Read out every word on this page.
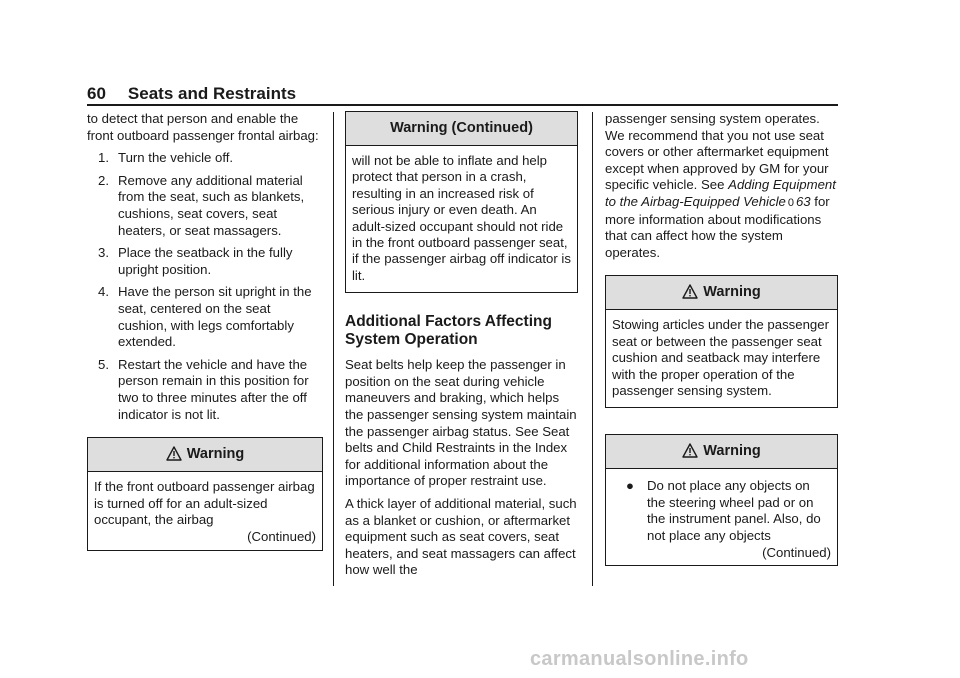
60 Seats and Restraints

to detect that person and enable the front outboard passenger frontal airbag:

1. Turn the vehicle off.
2. Remove any additional material from the seat, such as blankets, cushions, seat covers, seat heaters, or seat massagers.
3. Place the seatback in the fully upright position.
4. Have the person sit upright in the seat, centered on the seat cushion, with legs comfortably extended.
5. Restart the vehicle and have the person remain in this position for two to three minutes after the off indicator is not lit.
Warning
If the front outboard passenger airbag is turned off for an adult-sized occupant, the airbag
(Continued)
Warning (Continued)
will not be able to inflate and help protect that person in a crash, resulting in an increased risk of serious injury or even death. An adult-sized occupant should not ride in the front outboard passenger seat, if the passenger airbag off indicator is lit.
Additional Factors Affecting System Operation

Seat belts help keep the passenger in position on the seat during vehicle maneuvers and braking, which helps the passenger sensing system maintain the passenger airbag status. See Seat belts and Child Restraints in the Index for additional information about the importance of proper restraint use.

A thick layer of additional material, such as a blanket or cushion, or aftermarket equipment such as seat covers, seat heaters, and seat massagers can affect how well the

passenger sensing system operates. We recommend that you not use seat covers or other aftermarket equipment except when approved by GM for your specific vehicle. See Adding Equipment to the Airbag-Equipped Vehicle 0 63 for more information about modifications that can affect how the system operates.

Warning
Stowing articles under the passenger seat or between the passenger seat cushion and seatback may interfere with the proper operation of the passenger sensing system.
Warning
● Do not place any objects on the steering wheel pad or on the instrument panel. Also, do not place any objects
(Continued)
carmanualsonline.info
